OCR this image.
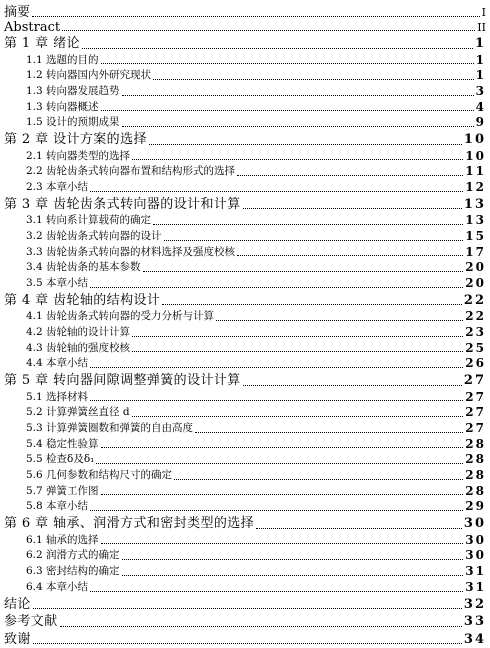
摘要	I
Abstract	II
第 1 章 绪论	1
1.1 选题的目的	1
1.2 转向器国内外研究现状	1
1.3 转向器发展趋势	3
1.3 转向器概述	4
1.5 设计的预期成果	9
第 2 章 设计方案的选择	10
2.1 转向器类型的选择	10
2.2 齿轮齿条式转向器布置和结构形式的选择	11
2.3 本章小结	12
第 3 章 齿轮齿条式转向器的设计和计算	13
3.1 转向系计算载荷的确定	13
3.2 齿轮齿条式转向器的设计	15
3.3 齿轮齿条式转向器的材料选择及强度校核	17
3.4 齿轮齿条的基本参数	20
3.5 本章小结	20
第 4 章 齿轮轴的结构设计	22
4.1 齿轮齿条式转向器的受力分析与计算	22
4.2 齿轮轴的设计计算	23
4.3 齿轮轴的强度校核	25
4.4 本章小结	26
第 5 章 转向器间隙调整弹簧的设计计算	27
5.1 选择材料	27
5.2 计算弹簧丝直径 d	27
5.3 计算弹簧圈数和弹簧的自由高度	27
5.4 稳定性验算	28
5.5 检查δ及δ₁	28
5.6 几何参数和结构尺寸的确定	28
5.7 弹簧工作图	28
5.8 本章小结	29
第 6 章 轴承、润滑方式和密封类型的选择	30
6.1 轴承的选择	30
6.2 润滑方式的确定	30
6.3 密封结构的确定	31
6.4 本章小结	31
结论	32
参考文献	33
致谢	34
